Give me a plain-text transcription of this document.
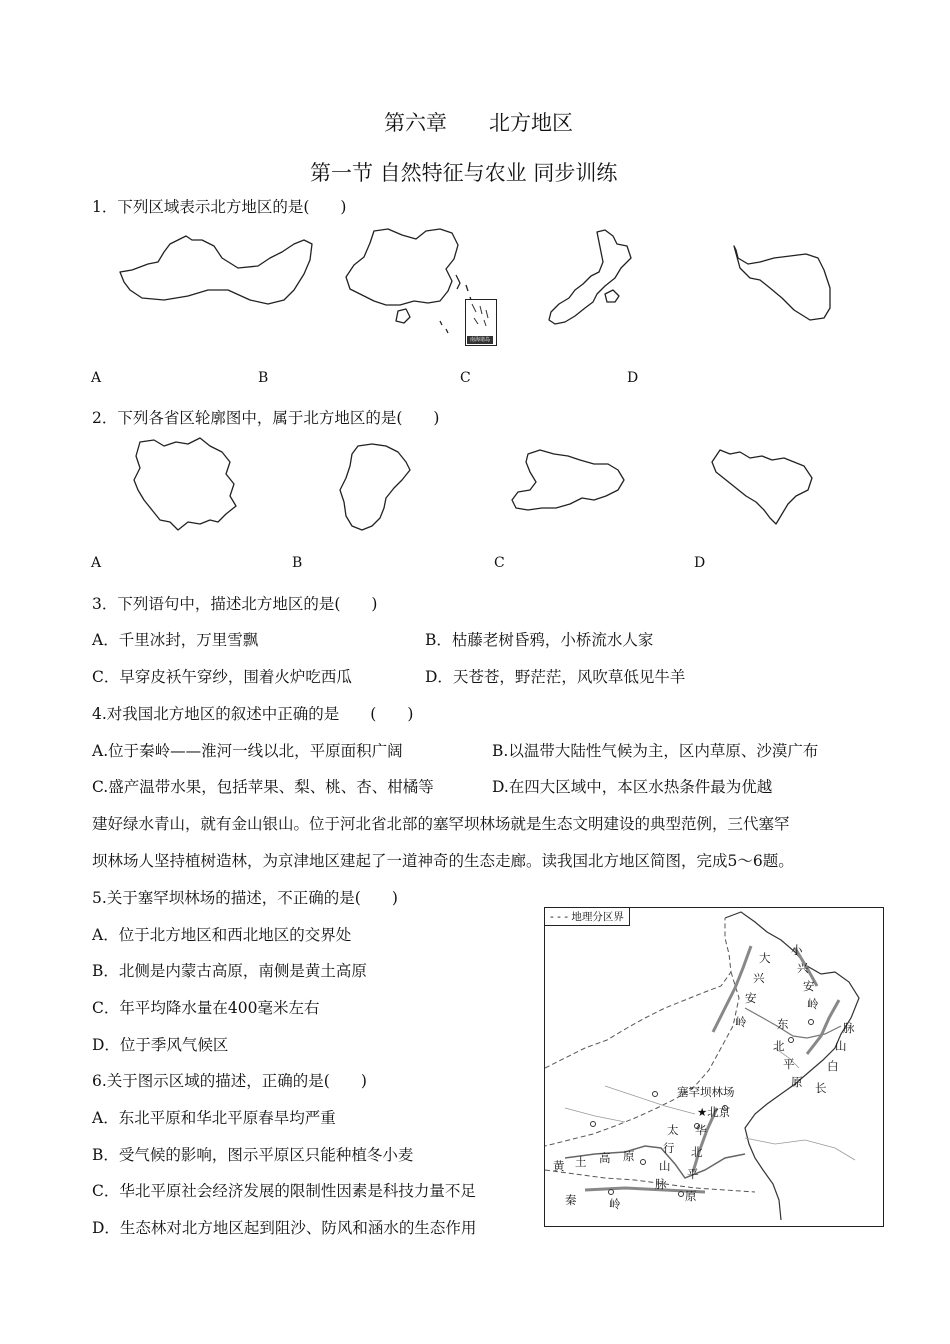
第六章　　北方地区
第一节 自然特征与农业 同步训练
1．下列区域表示北方地区的是(　　)
南海诸岛
A	B	C	D
2．下列各省区轮廓图中，属于北方地区的是(　　)
A	B	C	D
3．下列语句中，描述北方地区的是(　　)
A．千里冰封，万里雪飘	B．枯藤老树昏鸦，小桥流水人家
C．早穿皮袄午穿纱，围着火炉吃西瓜	D．天苍苍，野茫茫，风吹草低见牛羊
4.对我国北方地区的叙述中正确的是　　(　　)
A.位于秦岭——淮河一线以北，平原面积广阔	B.以温带大陆性气候为主，区内草原、沙漠广布
C.盛产温带水果，包括苹果、梨、桃、杏、柑橘等	D.在四大区域中，本区水热条件最为优越
建好绿水青山，就有金山银山。位于河北省北部的塞罕坝林场就是生态文明建设的典型范例，三代塞罕
坝林场人坚持植树造林，为京津地区建起了一道神奇的生态走廊。读我国北方地区简图，完成5～6题。
5.关于塞罕坝林场的描述，不正确的是(　　)
A．位于北方地区和西北地区的交界处
B．北侧是内蒙古高原，南侧是黄土高原
C．年平均降水量在400毫米左右
D．位于季风气候区
6.关于图示区域的描述，正确的是(　　)
A．东北平原和华北平原春旱均严重
B．受气候的影响，图示平原区只能种植冬小麦
C．华北平原社会经济发展的限制性因素是科技力量不足
D．生态林对北方地区起到阻沙、防风和涵水的生态作用
- - - 地理分区界
大
兴
安
岭
小
兴
安
岭
东
北
平
原 长
白
山
脉
塞罕坝林场
★北京
太
行
山
脉
华
北
平
原
黄 土 高 原
秦	岭
